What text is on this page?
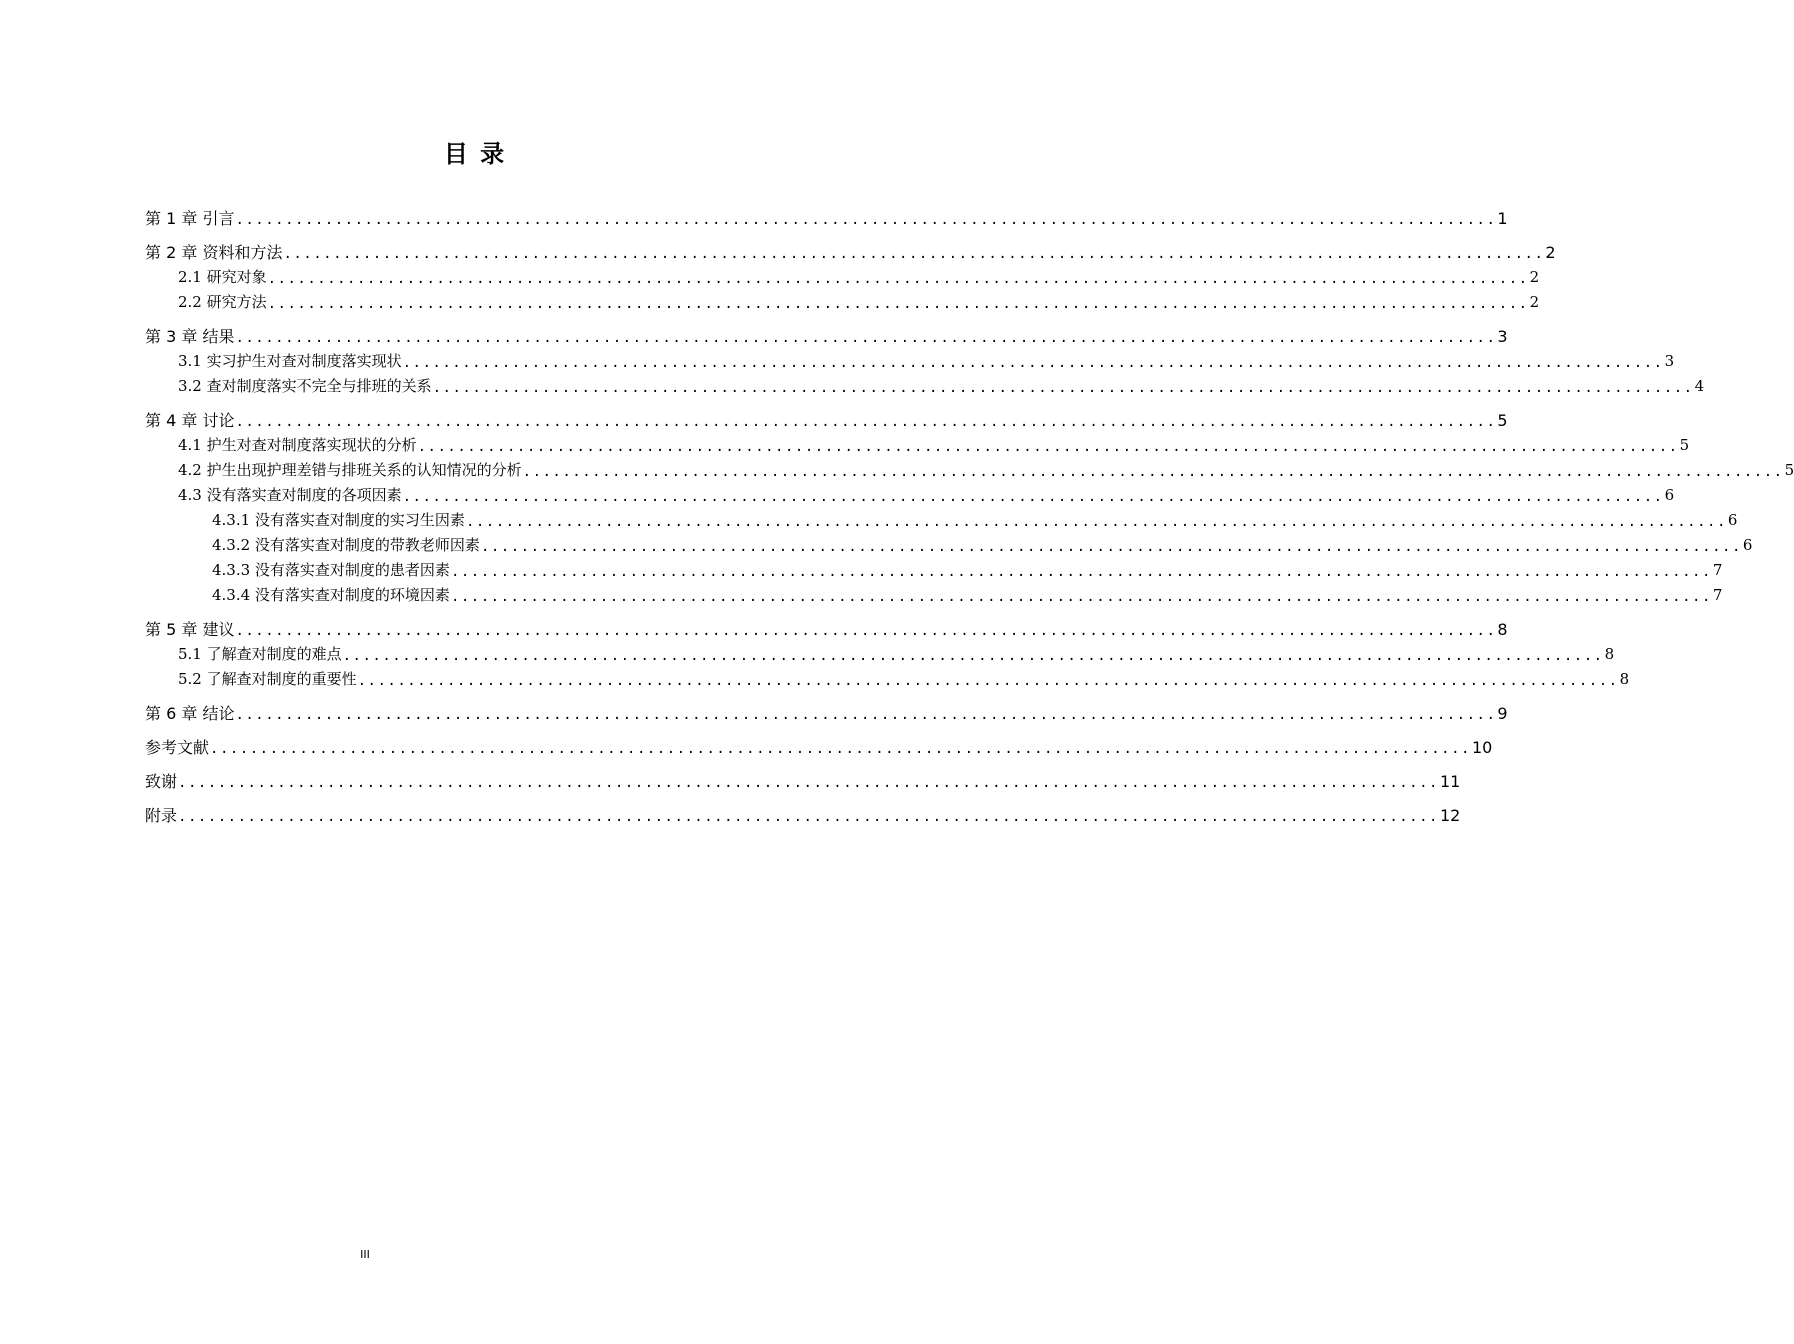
目 录
第 1 章 引言 ............................................................................................................................... 1
第 2 章 资料和方法 ............................................................................................................................... 2
2.1 研究对象 ............................................................................................................................... 2
2.2 研究方法 ............................................................................................................................... 2
第 3 章 结果 ............................................................................................................................... 3
3.1 实习护生对查对制度落实现状 ............................................................................................................................... 3
3.2 查对制度落实不完全与排班的关系 ............................................................................................................................... 4
第 4 章 讨论 ............................................................................................................................... 5
4.1 护生对查对制度落实现状的分析 ............................................................................................................................... 5
4.2 护生出现护理差错与排班关系的认知情况的分析 ............................................................................................................................... 5
4.3 没有落实查对制度的各项因素 ............................................................................................................................... 6
4.3.1 没有落实查对制度的实习生因素 ............................................................................................................................... 6
4.3.2 没有落实查对制度的带教老师因素 ............................................................................................................................... 6
4.3.3 没有落实查对制度的患者因素 ............................................................................................................................... 7
4.3.4 没有落实查对制度的环境因素 ............................................................................................................................... 7
第 5 章 建议 ............................................................................................................................... 8
5.1 了解查对制度的难点 ............................................................................................................................... 8
5.2 了解查对制度的重要性 ............................................................................................................................... 8
第 6 章 结论 ............................................................................................................................... 9
参考文献 ............................................................................................................................... 10
致谢 ............................................................................................................................... 11
附录 ............................................................................................................................... 12
III
